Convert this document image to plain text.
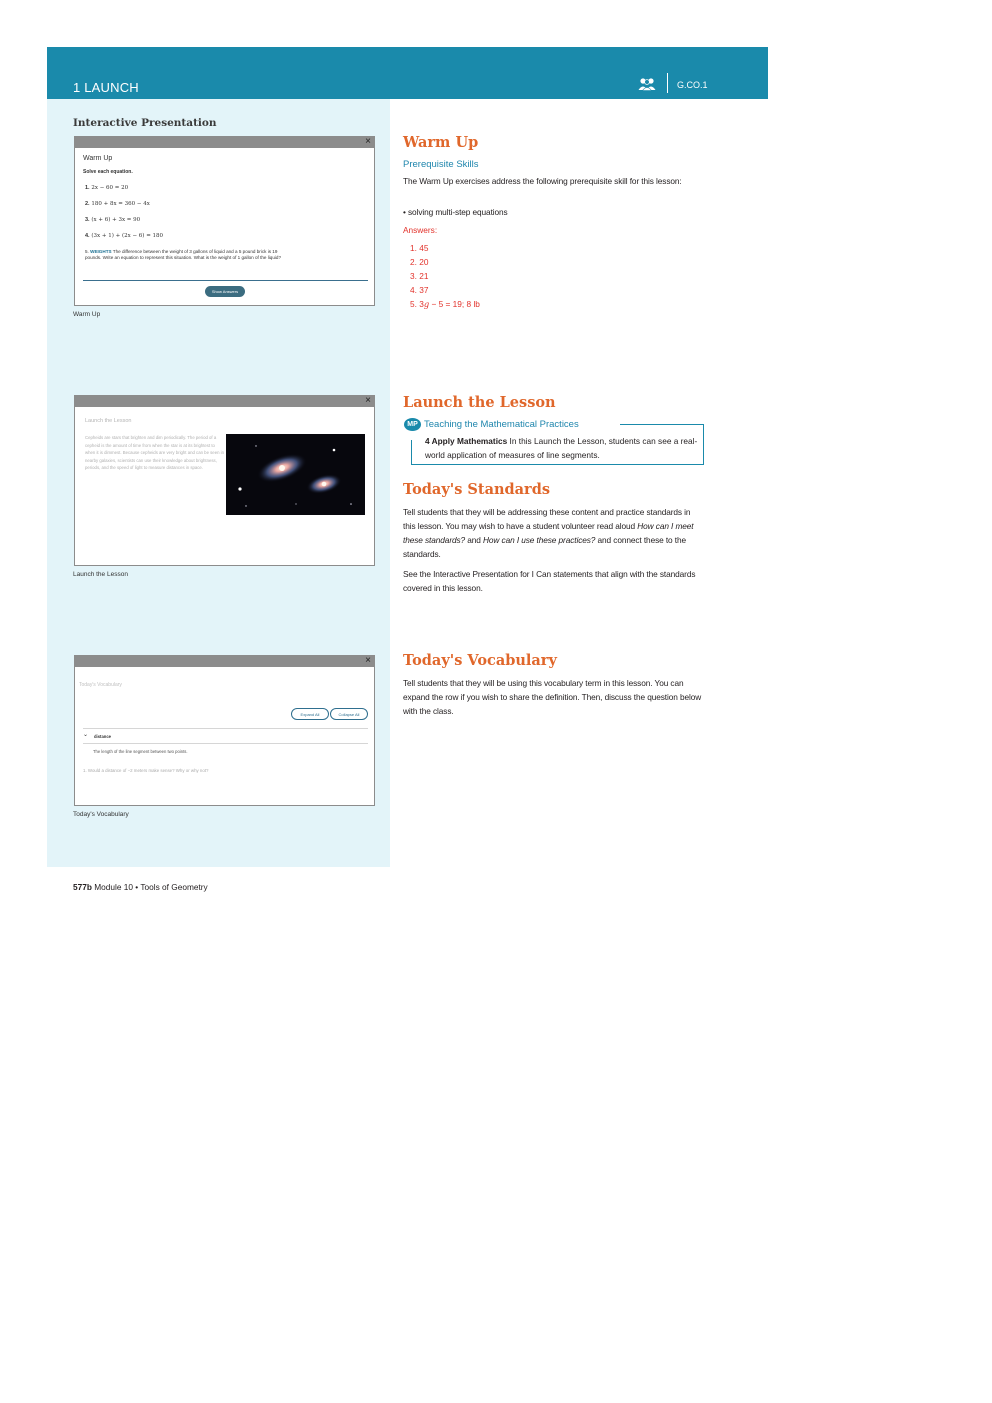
1 LAUNCH	G.CO.1
Interactive Presentation
×
Warm Up
Solve each equation.
1. 2x − 60 = 20
2. 180 + 8x = 360 − 4x
3. (x + 6) + 3x = 90
4. (3x + 1) + (2x − 6) = 180
5. WEIGHTS The difference between the weight of 3 gallons of liquid and a 5 pound brick is 19 pounds. Write an equation to represent this situation. What is the weight of 1 gallon of the liquid?
Show Answers
Warm Up
×
Launch the Lesson
Cepheids are stars that brighten and dim periodically. The period of a cepheid is the amount of time from when the star is at its brightest to when it is dimmest. Because cepheids are very bright and can be seen in nearby galaxies, scientists can use their knowledge about brightness, periods, and the speed of light to measure distances in space.
Launch the Lesson
×
Today's Vocabulary
Expand All	Collapse All
⌄ distance
The length of the line segment between two points.
1. Would a distance of −2 meters make sense? Why or why not?
Today's Vocabulary
Warm Up
Prerequisite Skills
The Warm Up exercises address the following prerequisite skill for this lesson:
• solving multi-step equations
Answers:
1. 45
2. 20
3. 21
4. 37
5. 3g − 5 = 19; 8 lb
Launch the Lesson
MP Teaching the Mathematical Practices
4 Apply Mathematics In this Launch the Lesson, students can see a real-world application of measures of line segments.
Today's Standards
Tell students that they will be addressing these content and practice standards in this lesson. You may wish to have a student volunteer read aloud How can I meet these standards? and How can I use these practices? and connect these to the standards.
See the Interactive Presentation for I Can statements that align with the standards covered in this lesson.
Today's Vocabulary
Tell students that they will be using this vocabulary term in this lesson. You can expand the row if you wish to share the definition. Then, discuss the question below with the class.
577b Module 10 • Tools of Geometry
